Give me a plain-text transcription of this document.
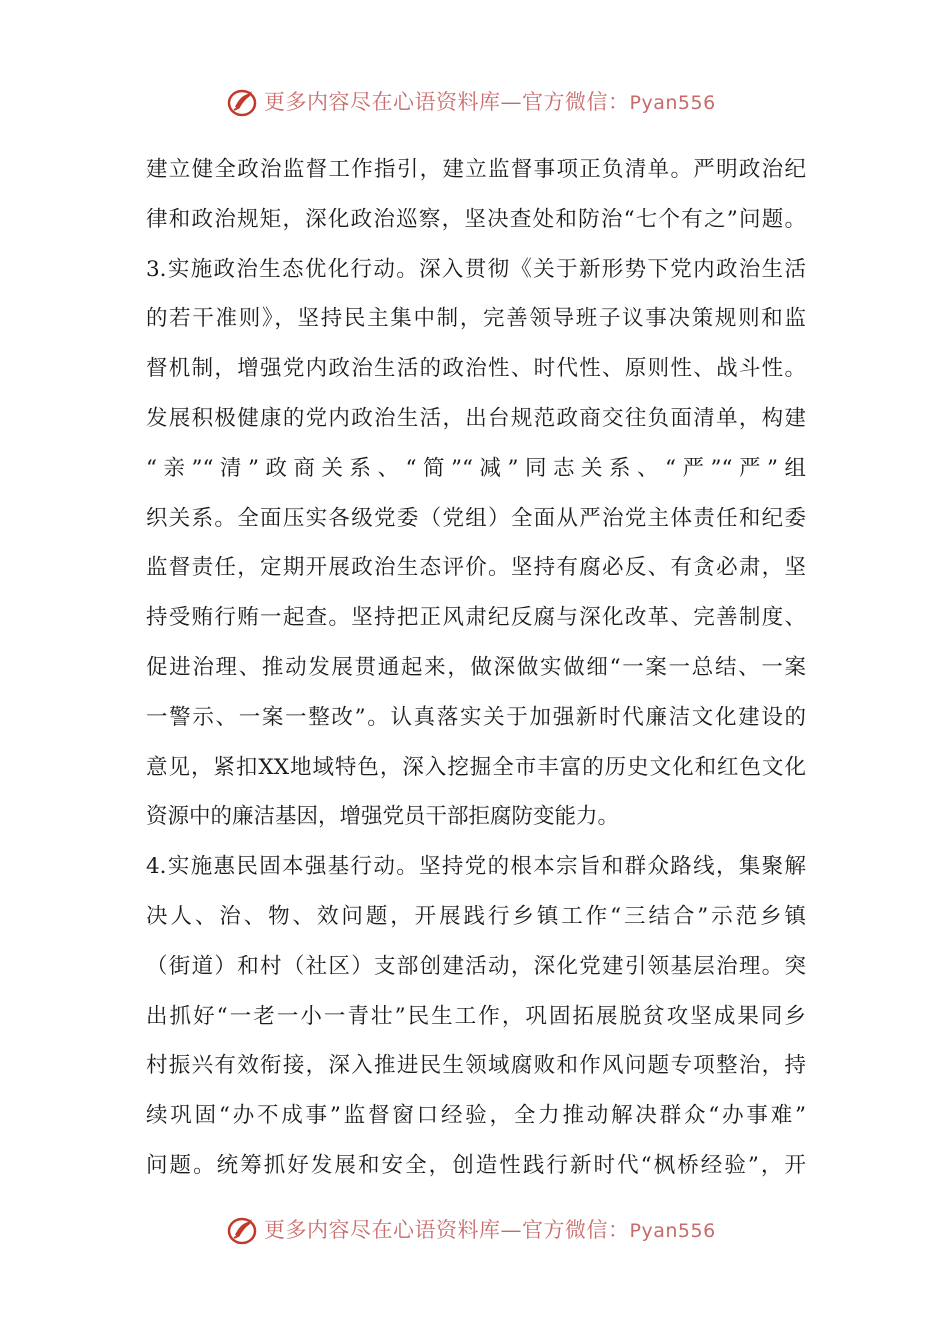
更多内容尽在心语资料库—官方微信：Pyan556
建立健全政治监督工作指引，建立监督事项正负清单。严明政治纪
律和政治规矩，深化政治巡察，坚决查处和防治“七个有之”问题。
3.实施政治生态优化行动。深入贯彻《关于新形势下党内政治生活
的若干准则》，坚持民主集中制，完善领导班子议事决策规则和监
督机制，增强党内政治生活的政治性、时代性、原则性、战斗性。
发展积极健康的党内政治生活，出台规范政商交往负面清单，构建
“亲”“清”政商关系、“简”“减”同志关系、“严”“严”组
织关系。全面压实各级党委（党组）全面从严治党主体责任和纪委
监督责任，定期开展政治生态评价。坚持有腐必反、有贪必肃，坚
持受贿行贿一起查。坚持把正风肃纪反腐与深化改革、完善制度、
促进治理、推动发展贯通起来，做深做实做细“一案一总结、一案
一警示、一案一整改”。认真落实关于加强新时代廉洁文化建设的
意见，紧扣XX地域特色，深入挖掘全市丰富的历史文化和红色文化
资源中的廉洁基因，增强党员干部拒腐防变能力。
4.实施惠民固本强基行动。坚持党的根本宗旨和群众路线，集聚解
决人、治、物、效问题，开展践行乡镇工作“三结合”示范乡镇
（街道）和村（社区）支部创建活动，深化党建引领基层治理。突
出抓好“一老一小一青壮”民生工作，巩固拓展脱贫攻坚成果同乡
村振兴有效衔接，深入推进民生领域腐败和作风问题专项整治，持
续巩固“办不成事”监督窗口经验，全力推动解决群众“办事难”
问题。统筹抓好发展和安全，创造性践行新时代“枫桥经验”，开
更多内容尽在心语资料库—官方微信：Pyan556
